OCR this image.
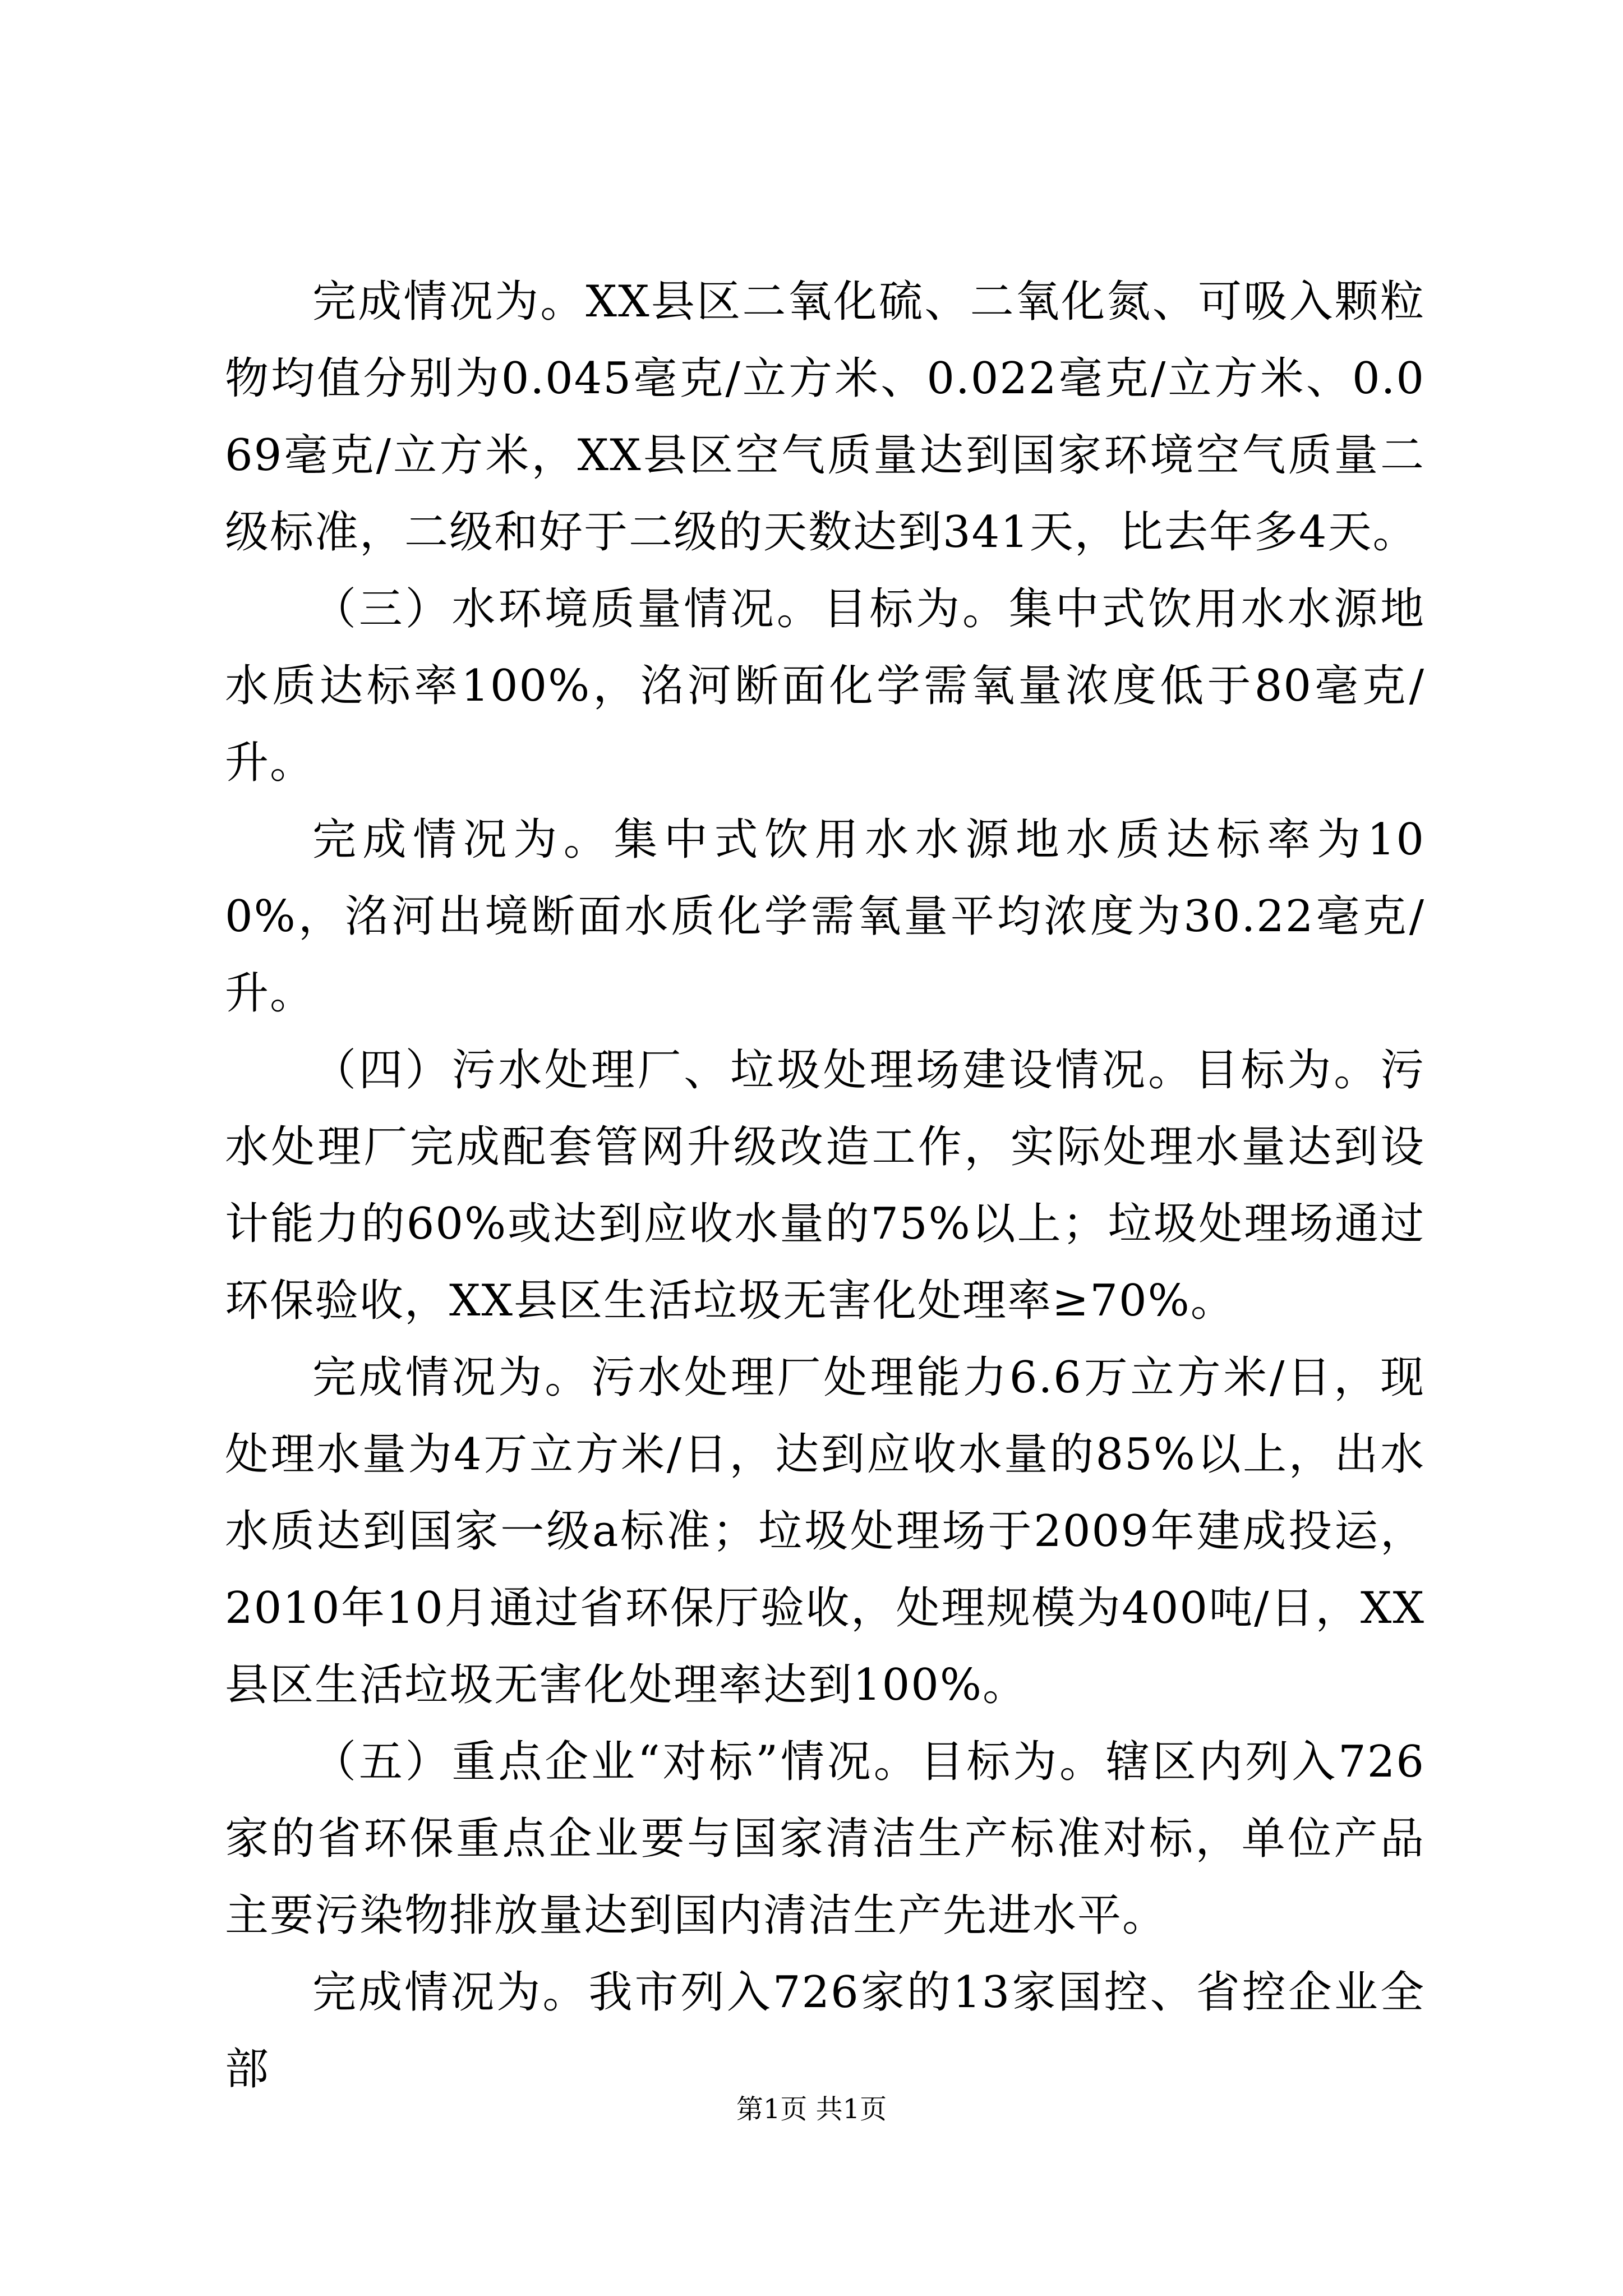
完成情况为。XX县区二氧化硫、二氧化氮、可吸入颗粒物均值分别为0.045毫克/立方米、0.022毫克/立方米、0.069毫克/立方米，XX县区空气质量达到国家环境空气质量二级标准，二级和好于二级的天数达到341天，比去年多4天。

（三）水环境质量情况。目标为。集中式饮用水水源地水质达标率100%，洺河断面化学需氧量浓度低于80毫克/升。

完成情况为。集中式饮用水水源地水质达标率为100%，洺河出境断面水质化学需氧量平均浓度为30.22毫克/升。

（四）污水处理厂、垃圾处理场建设情况。目标为。污水处理厂完成配套管网升级改造工作，实际处理水量达到设计能力的60%或达到应收水量的75%以上；垃圾处理场通过环保验收，XX县区生活垃圾无害化处理率≥70%。

完成情况为。污水处理厂处理能力6.6万立方米/日，现处理水量为4万立方米/日，达到应收水量的85%以上，出水水质达到国家一级a标准；垃圾处理场于2009年建成投运，2010年10月通过省环保厅验收，处理规模为400吨/日，XX县区生活垃圾无害化处理率达到100%。

（五）重点企业“对标”情况。目标为。辖区内列入726家的省环保重点企业要与国家清洁生产标准对标，单位产品主要污染物排放量达到国内清洁生产先进水平。

完成情况为。我市列入726家的13家国控、省控企业全部

第1页 共1页
